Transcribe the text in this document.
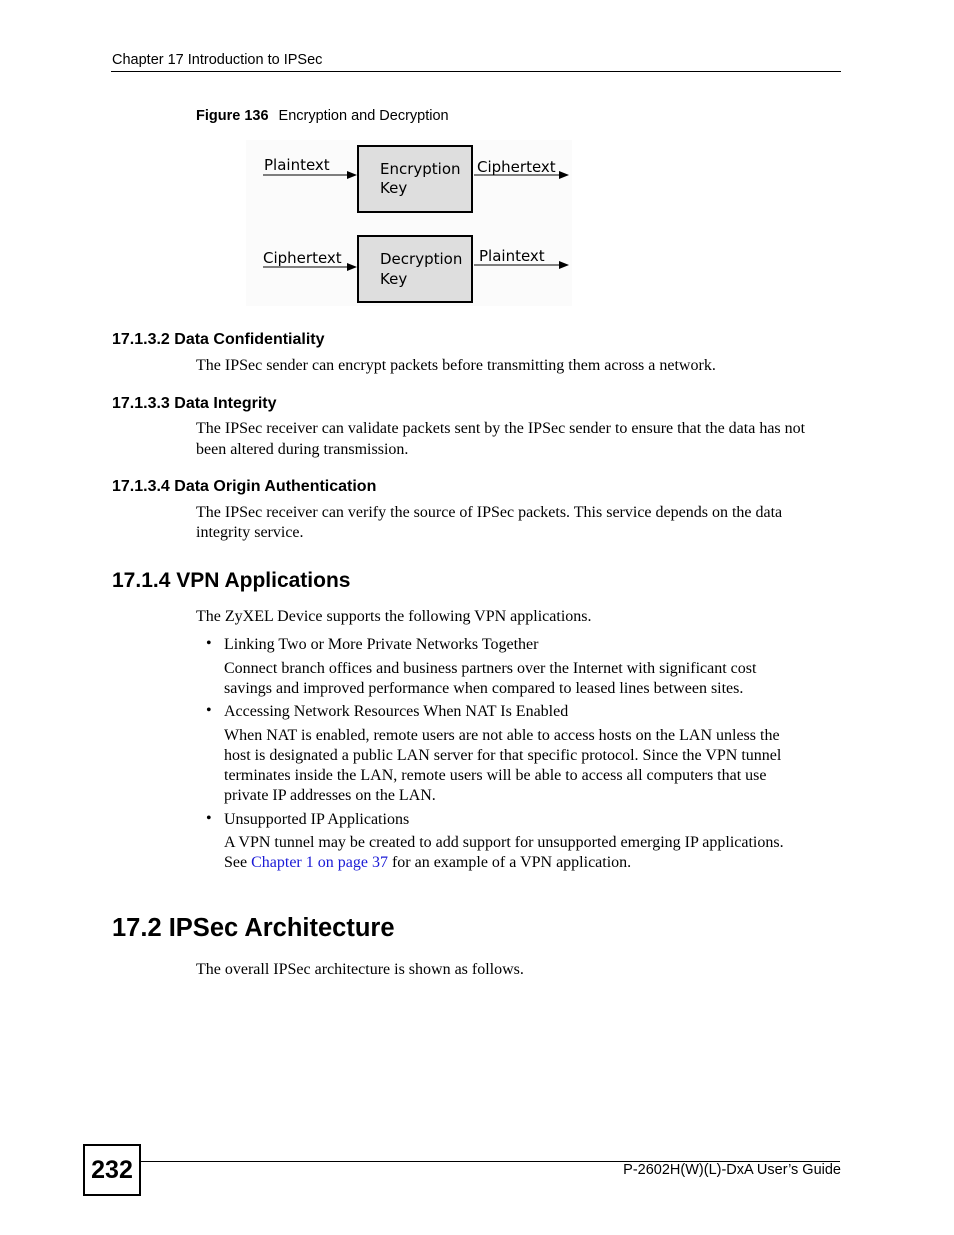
Chapter 17 Introduction to IPSec
Figure 136 Encryption and Decryption
Plaintext	Encryption
Key
Ciphertext
Ciphertext	Decryption
Key
Plaintext
17.1.3.2 Data Confidentiality
The IPSec sender can encrypt packets before transmitting them across a network.
17.1.3.3 Data Integrity
The IPSec receiver can validate packets sent by the IPSec sender to ensure that the data has not
been altered during transmission.
17.1.3.4 Data Origin Authentication
The IPSec receiver can verify the source of IPSec packets. This service depends on the data
integrity service.
17.1.4 VPN Applications
The ZyXEL Device supports the following VPN applications.
• Linking Two or More Private Networks Together
Connect branch offices and business partners over the Internet with significant cost
savings and improved performance when compared to leased lines between sites.
• Accessing Network Resources When NAT Is Enabled
When NAT is enabled, remote users are not able to access hosts on the LAN unless the
host is designated a public LAN server for that specific protocol. Since the VPN tunnel
terminates inside the LAN, remote users will be able to access all computers that use
private IP addresses on the LAN.
• Unsupported IP Applications
A VPN tunnel may be created to add support for unsupported emerging IP applications.
See Chapter 1 on page 37 for an example of a VPN application.
17.2 IPSec Architecture
The overall IPSec architecture is shown as follows.
232	P-2602H(W)(L)-DxA User’s Guide
